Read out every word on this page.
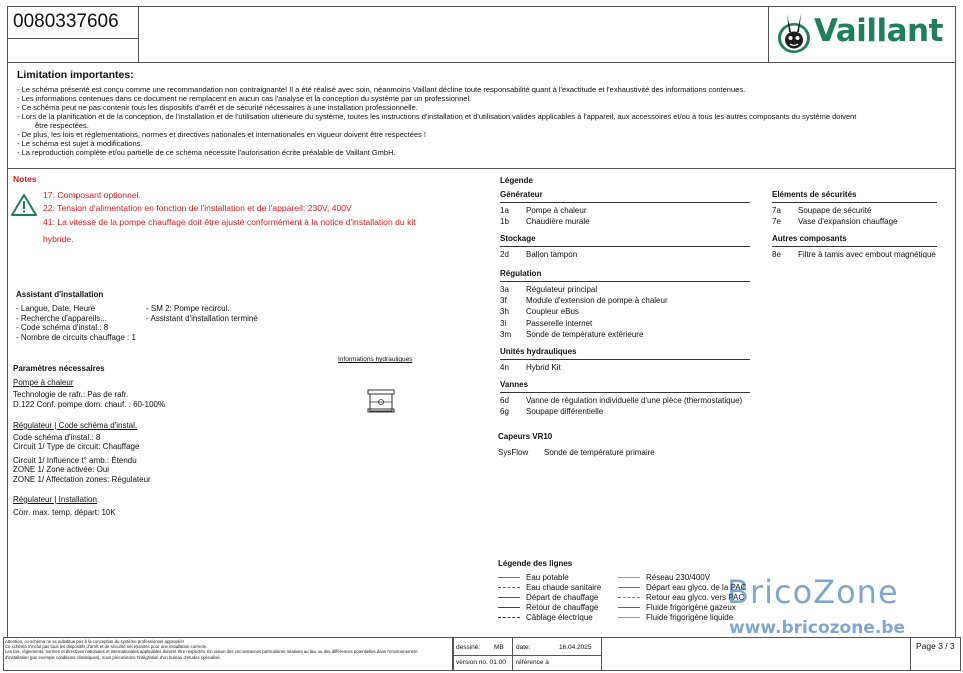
0080337606	Vaillant
Limitation importantes:
- Le schéma présenté est conçu comme une recommandation non contraignante! Il a été réalisé avec soin, néanmoins Vaillant décline toute responsabilité quant à l'exactitude et l'exhaustivité des informations contenues.
- Les informations contenues dans ce document ne remplacent en aucun cas l'analyse et la conception du système par un professionnel.
- Ce schéma peut ne pas contenir tous les dispositifs d'arrêt et de sécurité nécessaires à une installation professionnelle.
- Lors de la planification et de la conception, de l'installation et de l'utilisation ultérieure du système, toutes les instructions d'installation et d'utilisation valides applicables à l'appareil, aux accessoires et/ou à tous les autres composants du système doivent
être respectées.
- De plus, les lois et réglementations, normes et directives nationales et internationales en vigueur doivent être respectées !
- Le schéma est sujet à modifications.
- La reproduction complète et/ou partielle de ce schéma nécessite l'autorisation écrite préalable de Vaillant GmbH.
Notes
17: Composant optionnel.
22: Tension d'alimentation en fonction de l'installation et de l'appareil: 230V, 400V
41: La vitesse de la pompe chauffage doit être ajusté conformément à la notice d'installation du kit
hybride.
Assistant d'installation
- Langue, Date, Heure
- Recherche d'appareils...
- Code schéma d'instal.: 8
- Nombre de circuits chauffage : 1
- SM 2: Pompe recircul.
- Assistant d'installation terminé
Informations hydrauliques
Paramètres nécessaires
Pompe à chaleur
Technologie de rafr.: Pas de rafr.
D.122 Conf. pompe dom. chauf. : 60-100%
Régulateur | Code schéma d'instal.
Code schéma d'instal.: 8
Circuit 1/ Type de circuit: Chauffage
Circuit 1/ Influence t° amb.: Étendu
ZONE 1/ Zone activée: Oui
ZONE 1/ Affectation zones: Régulateur
Régulateur | Installation
Corr. max. temp. départ: 10K
Légende
Générateur
1a	Pompe à chaleur
1b	Chaudière murale
Stockage
2d	Ballon tampon
Régulation
3a	Régulateur principal
3f	Module d'extension de pompe à chaleur
3h	Coupleur eBus
3i	Passerelle internet
3m	Sonde de température extérieure
Unités hydrauliques
4n	Hybrid Kit
Vannes
6d	Vanne de régulation individuelle d'une pièce (thermostatique)
6g	Soupape différentielle
Capeurs VR10
SysFlow	Sonde de température primaire
Eléments de sécurités
7a	Soupape de sécurité
7e	Vase d'expansion chauffage
Autres composants
8e	Filtre à tamis avec embout magnétique
Légende des lignes
Eau potable
Eau chaude sanitaire
Départ de chauffage
Retour de chauffage
Câblage électrique
Réseau 230/400V
Départ eau glyco. de la PAC
Retour eau glyco. vers PAC
Fluide frigorigène gazeux
Fluide frigorigène liquide
BricoZone
www.bricozone.be
Attention, ce schéma ne se substitue pas à la conception du système professionnel approprié!
Ce schéma n'inclut pas tous les dispositifs d'arrêt et de sécurité nécessaires pour une installation correcte.
Les lois, règlements, normes et directives nationales et internationales applicables doivent être respectés. En raison des circonstances particulières relatives au lieu ou des différences potentielles dans l'environnement
d'installation (par exemple conditions climatiques), nous préconisons l'intégration d'un bureau d'études spécialisé.
dessiné: MB date:	16.04.2025
version no. 01.00 référence à
Page 3 / 3
